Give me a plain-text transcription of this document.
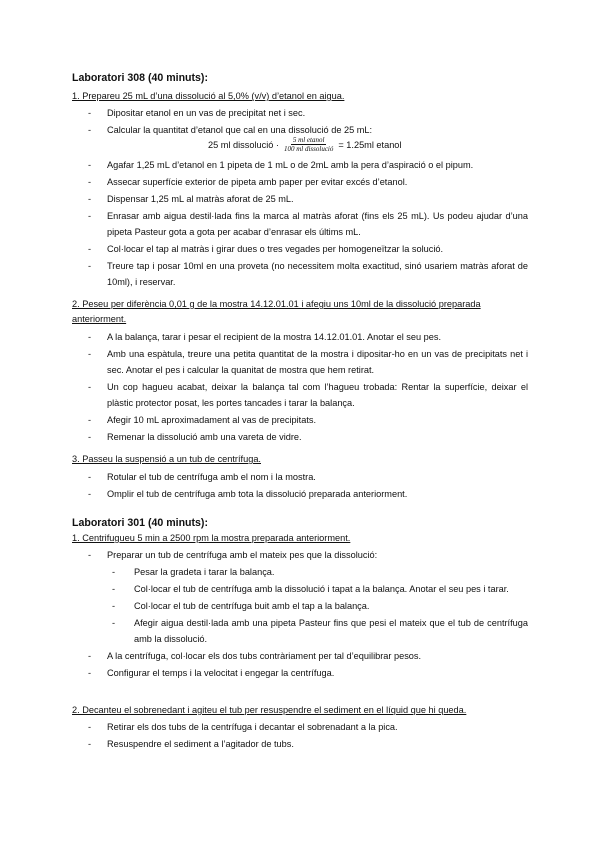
Laboratori 308 (40 minuts):
1. Prepareu 25 mL d’una dissolució al 5,0% (v/v) d’etanol en aigua.
- Dipositar etanol en un vas de precipitat net i sec.
- Calcular la quantitat d’etanol que cal en una dissolució de 25 mL:
25 ml dissolució · $\frac{\text{5 ml etanol}}{\text{100 ml dissolució}} = 1.25ml$ etanol
- Agafar 1,25 mL d’etanol en 1 pipeta de 1 mL o de 2mL amb la pera d’aspiració o el pipum.
- Assecar superfície exterior de pipeta amb paper per evitar excés d’etanol.
- Dispensar 1,25 mL al matràs aforat de 25 mL.
- Enrasar amb aigua destil·lada fins la marca al matràs aforat (fins els 25 mL). Us podeu ajudar d’una pipeta Pasteur gota a gota per acabar d’enrasar els últims mL.
- Col·locar el tap al matràs i girar dues o tres vegades per homogeneïtzar la solució.
- Treure tap i posar 10ml en una proveta (no necessitem molta exactitud, sinó usariem matràs aforat de 10ml), i reservar.
2. Peseu per diferència 0,01 g de la mostra 14.12.01.01 i afegiu uns 10ml de la dissolució preparada anteriorment.
- A la balança, tarar i pesar el recipient de la mostra 14.12.01.01. Anotar el seu pes.
- Amb una espàtula, treure una petita quantitat de la mostra i dipositar-ho en un vas de precipitats net i sec. Anotar el pes i calcular la quanitat de mostra que hem retirat.
- Un cop hagueu acabat, deixar la balança tal com l’hagueu trobada: Rentar la superfície, deixar el plàstic protector posat, les portes tancades i tarar la balança.
- Afegir 10 mL aproximadament al vas de precipitats.
- Remenar la dissolució amb una vareta de vidre.
3. Passeu la suspensió a un tub de centrífuga.
- Rotular el tub de centrífuga amb el nom i la mostra.
- Omplir el tub de centrífuga amb tota la dissolució preparada anteriorment.
Laboratori 301 (40 minuts):
1. Centrifugueu 5 min a 2500 rpm la mostra preparada anteriorment.
- Preparar un tub de centrífuga amb el mateix pes que la dissolució:
- Pesar la gradeta i tarar la balança.
- Col·locar el tub de centrífuga amb la dissolució i tapat a la balança. Anotar el seu pes i tarar.
- Col·locar el tub de centrífuga buit amb el tap a la balança.
- Afegir aigua destil·lada amb una pipeta Pasteur fins que pesi el mateix que el tub de centrífuga amb la dissolució.
- A la centrífuga, col·locar els dos tubs contràriament per tal d’equilibrar pesos.
- Configurar el temps i la velocitat i engegar la centrífuga.
2. Decanteu el sobrenedant i agiteu el tub per resuspendre el sediment en el líquid que hi queda.
- Retirar els dos tubs de la centrífuga i decantar el sobrenadant a la pica.
- Resuspendre el sediment a l’agitador de tubs.
